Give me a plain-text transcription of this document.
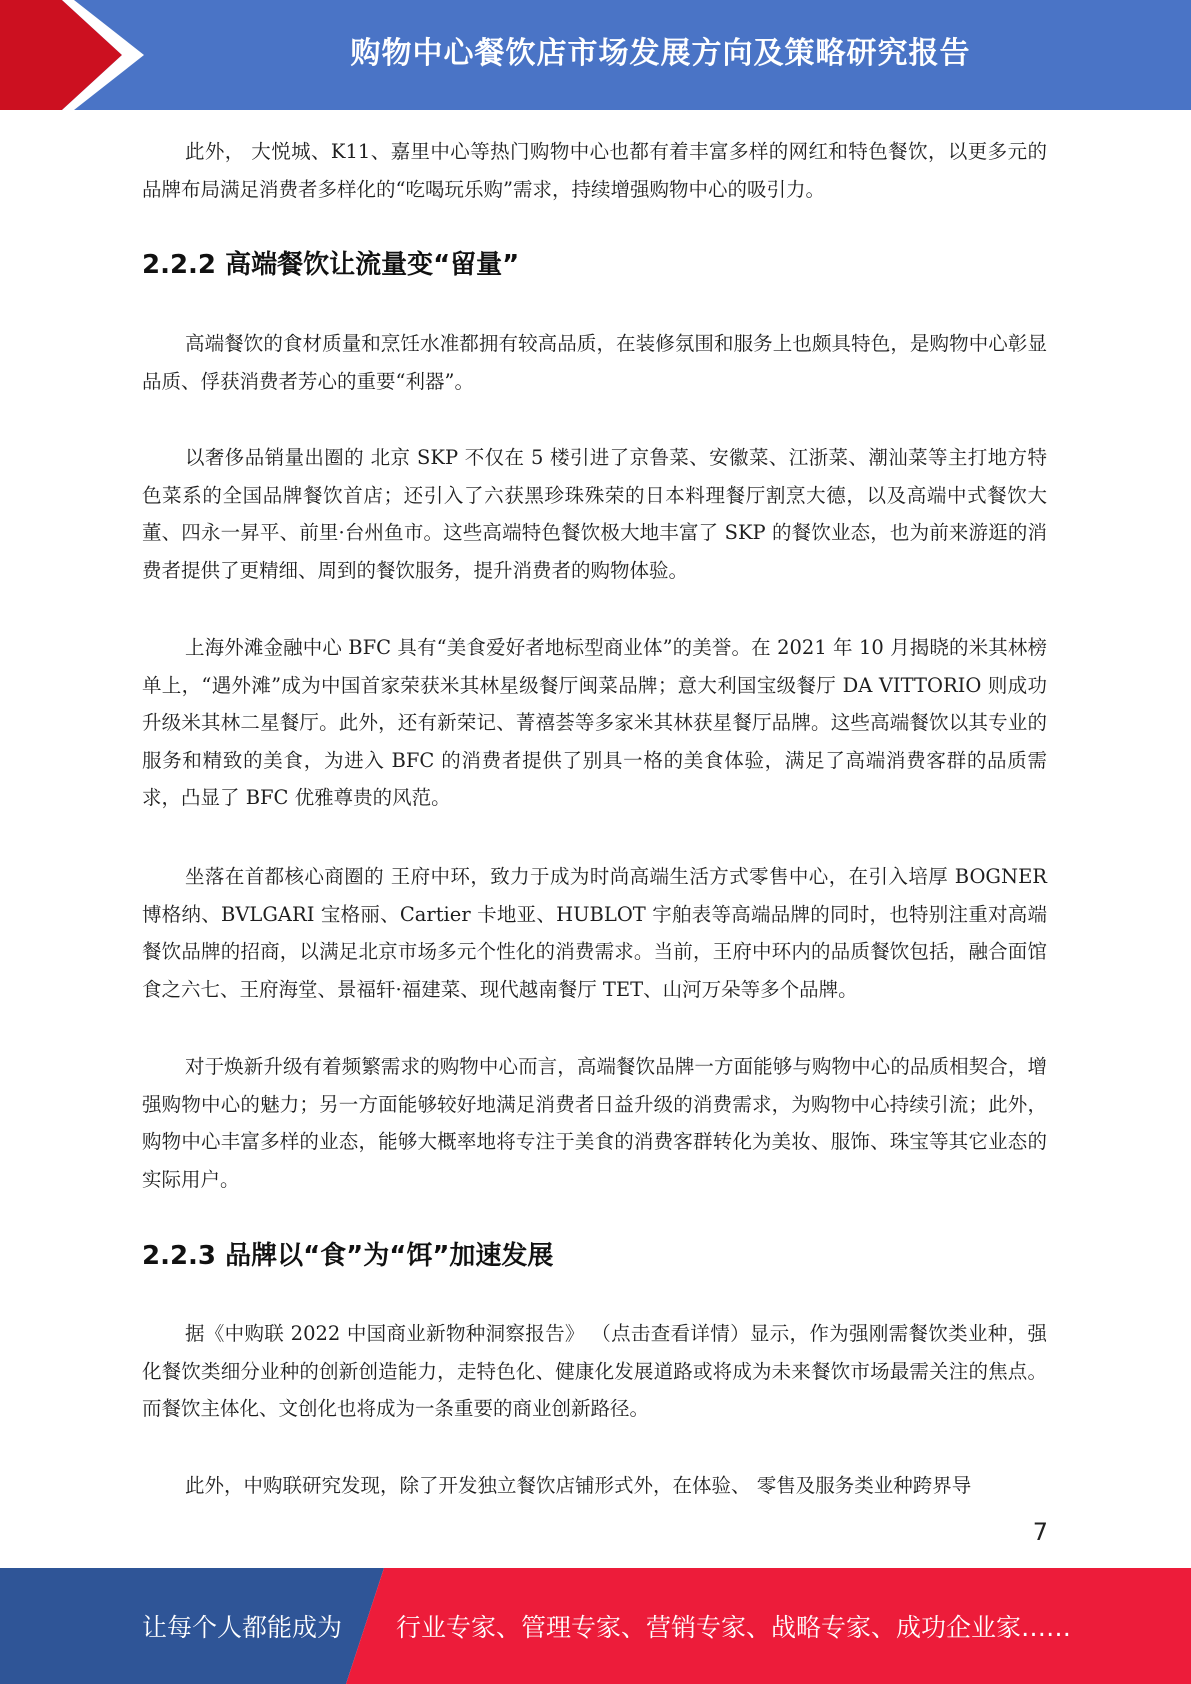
购物中心餐饮店市场发展方向及策略研究报告

此外， 大悦城、K11、嘉里中心等热门购物中心也都有着丰富多样的网红和特色餐饮，以更多元的品牌布局满足消费者多样化的“吃喝玩乐购”需求，持续增强购物中心的吸引力。

2.2.2 高端餐饮让流量变“留量”

高端餐饮的食材质量和烹饪水准都拥有较高品质，在装修氛围和服务上也颇具特色，是购物中心彰显品质、俘获消费者芳心的重要“利器”。

以奢侈品销量出圈的 北京 SKP 不仅在 5 楼引进了京鲁菜、安徽菜、江浙菜、潮汕菜等主打地方特色菜系的全国品牌餐饮首店；还引入了六获黑珍珠殊荣的日本料理餐厅割烹大德，以及高端中式餐饮大董、四永一昇平、前里·台州鱼市。这些高端特色餐饮极大地丰富了 SKP 的餐饮业态，也为前来游逛的消费者提供了更精细、周到的餐饮服务，提升消费者的购物体验。

上海外滩金融中心 BFC 具有“美食爱好者地标型商业体”的美誉。在 2021 年 10 月揭晓的米其林榜单上，“遇外滩”成为中国首家荣获米其林星级餐厅闽菜品牌；意大利国宝级餐厅 DA VITTORIO 则成功升级米其林二星餐厅。此外，还有新荣记、菁禧荟等多家米其林获星餐厅品牌。这些高端餐饮以其专业的服务和精致的美食，为进入 BFC 的消费者提供了别具一格的美食体验，满足了高端消费客群的品质需求，凸显了 BFC 优雅尊贵的风范。

坐落在首都核心商圈的 王府中环，致力于成为时尚高端生活方式零售中心，在引入培厚 BOGNER 博格纳、BVLGARI 宝格丽、Cartier 卡地亚、HUBLOT 宇舶表等高端品牌的同时，也特别注重对高端餐饮品牌的招商，以满足北京市场多元个性化的消费需求。当前，王府中环内的品质餐饮包括，融合面馆食之六七、王府海堂、景福轩·福建菜、现代越南餐厅 TET、山河万朵等多个品牌。

对于焕新升级有着频繁需求的购物中心而言，高端餐饮品牌一方面能够与购物中心的品质相契合，增强购物中心的魅力；另一方面能够较好地满足消费者日益升级的消费需求，为购物中心持续引流；此外，购物中心丰富多样的业态，能够大概率地将专注于美食的消费客群转化为美妆、服饰、珠宝等其它业态的实际用户。

2.2.3 品牌以“食”为“饵”加速发展

据《中购联 2022 中国商业新物种洞察报告》 （点击查看详情）显示，作为强刚需餐饮类业种，强化餐饮类细分业种的创新创造能力，走特色化、健康化发展道路或将成为未来餐饮市场最需关注的焦点。而餐饮主体化、文创化也将成为一条重要的商业创新路径。

此外，中购联研究发现，除了开发独立餐饮店铺形式外，在体验、 零售及服务类业种跨界导

7
让每个人都能成为 行业专家、管理专家、营销专家、战略专家、成功企业家……
